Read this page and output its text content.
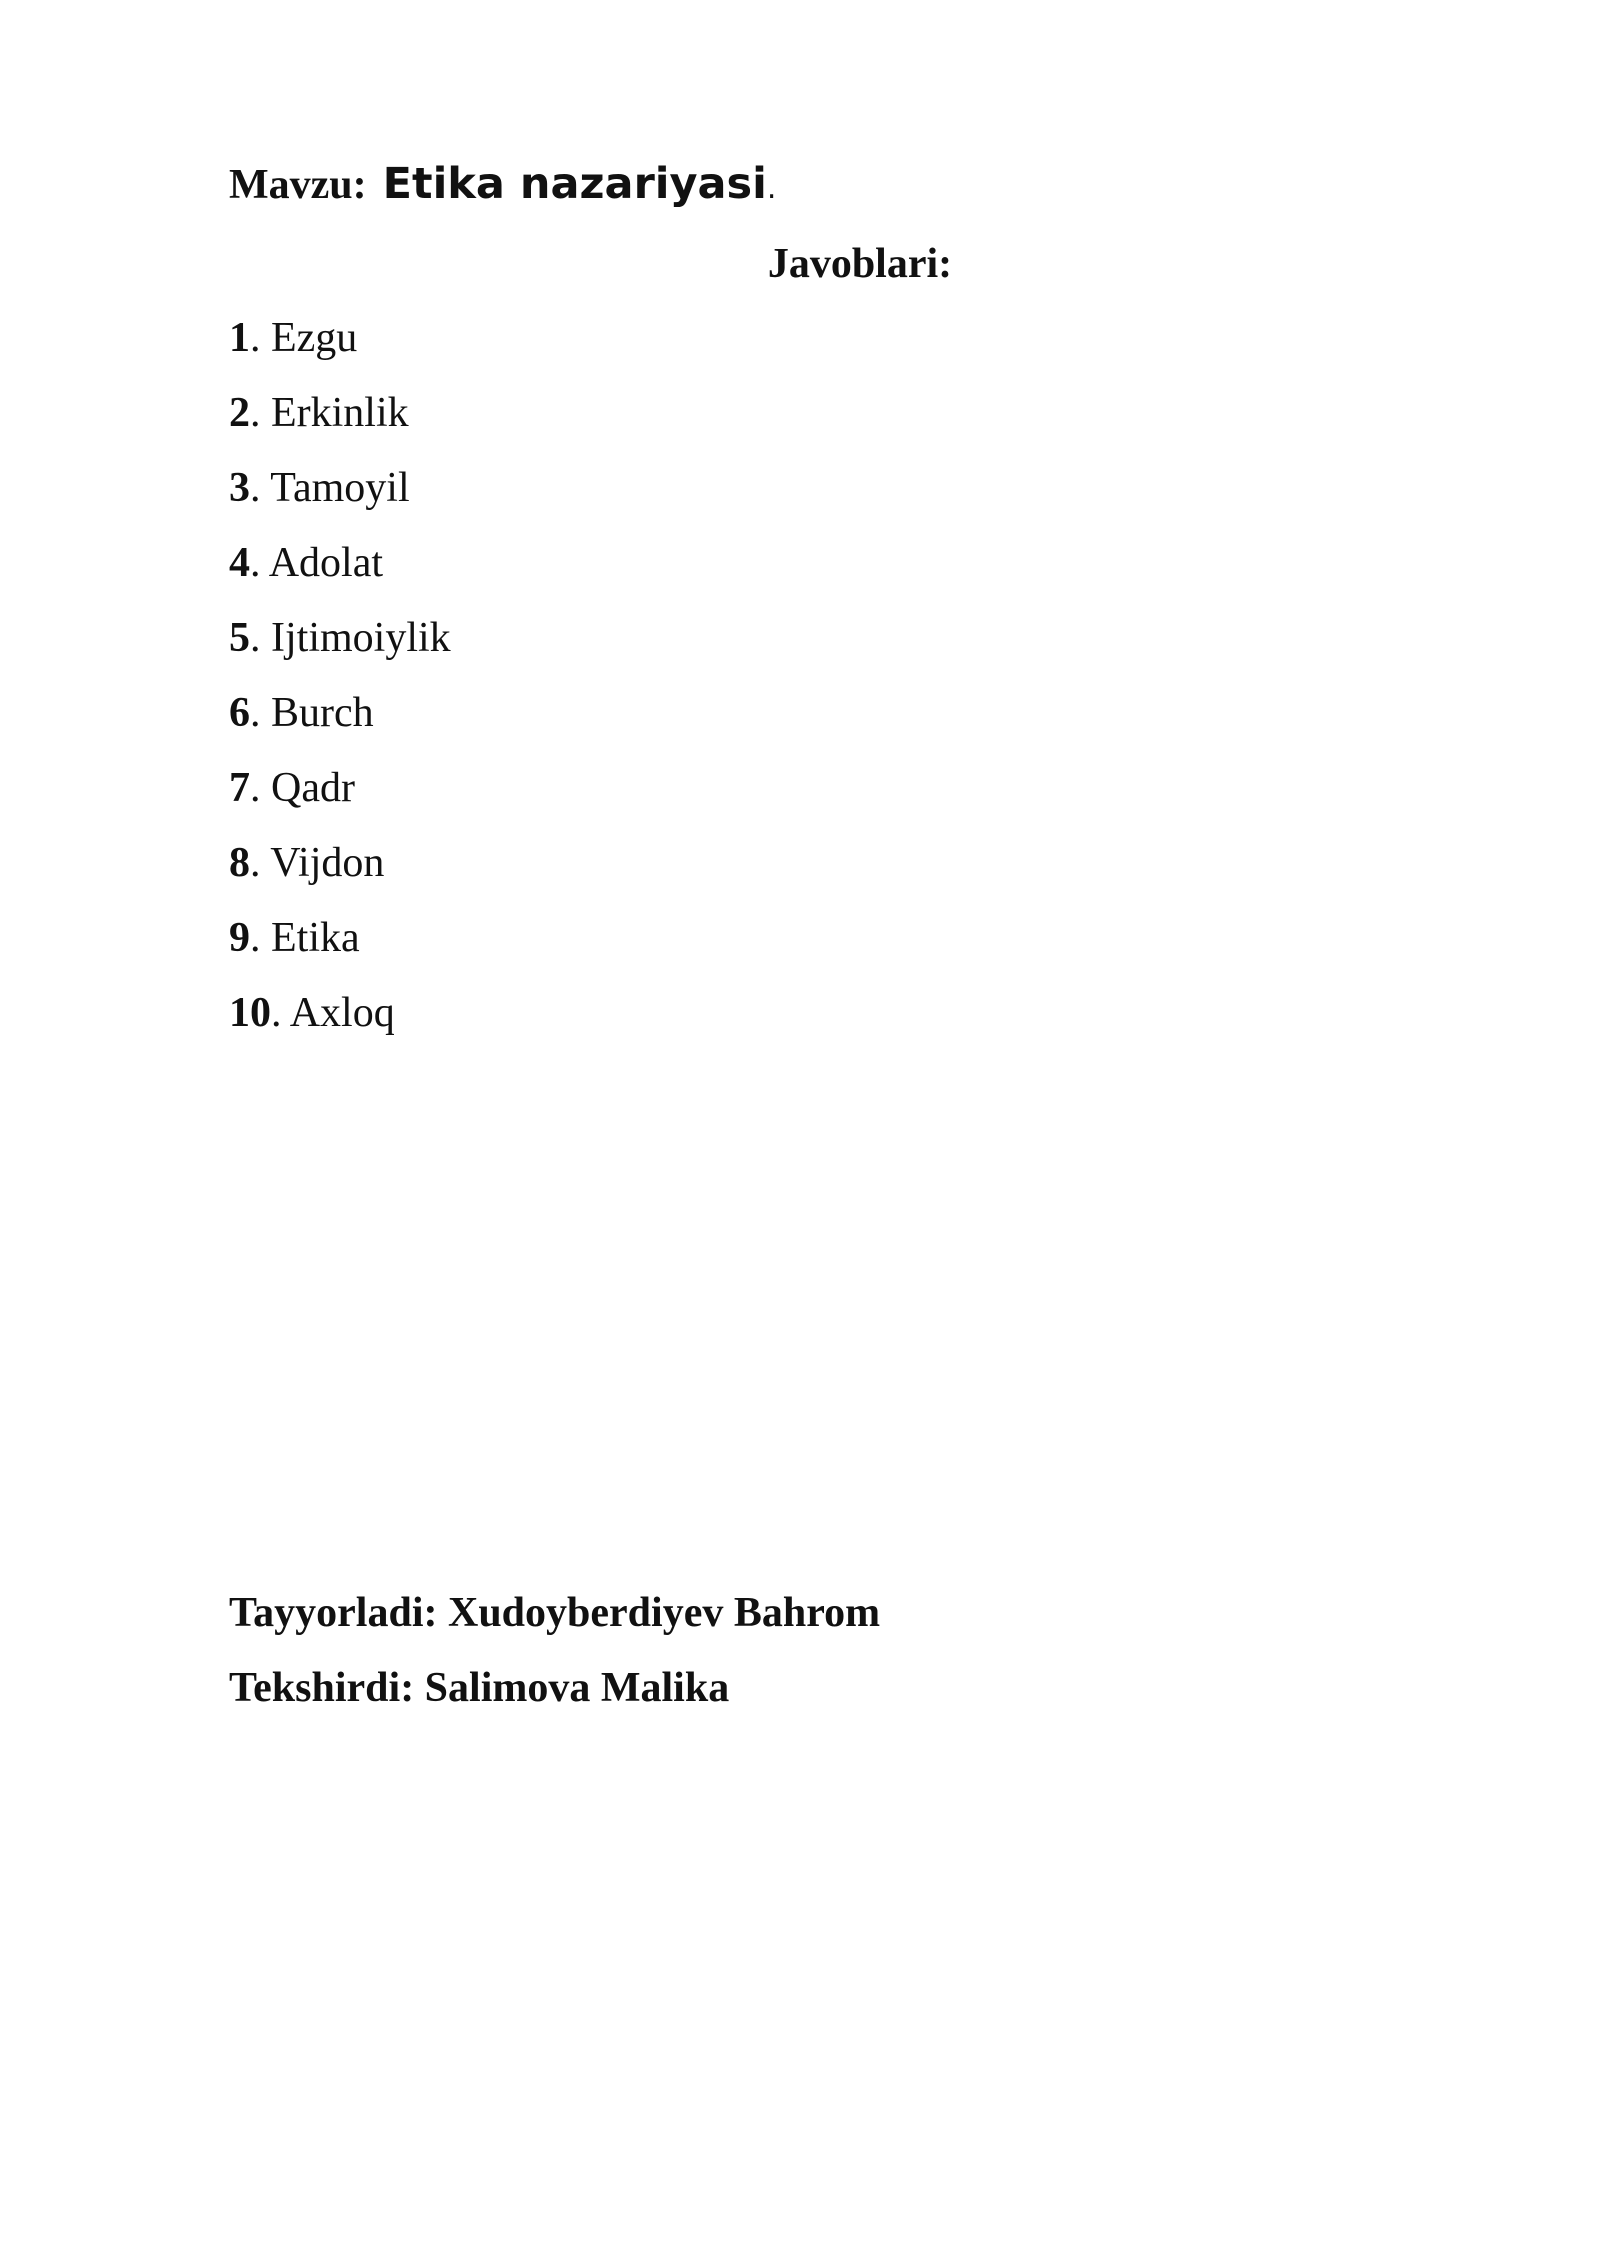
Mavzu: Etika nazariyasi.
Javoblari:
1. Ezgu
2. Erkinlik
3. Tamoyil
4. Adolat
5. Ijtimoiylik
6. Burch
7. Qadr
8. Vijdon
9. Etika
10. Axloq
Tayyorladi: Xudoyberdiyev Bahrom
Tekshirdi: Salimova Malika
